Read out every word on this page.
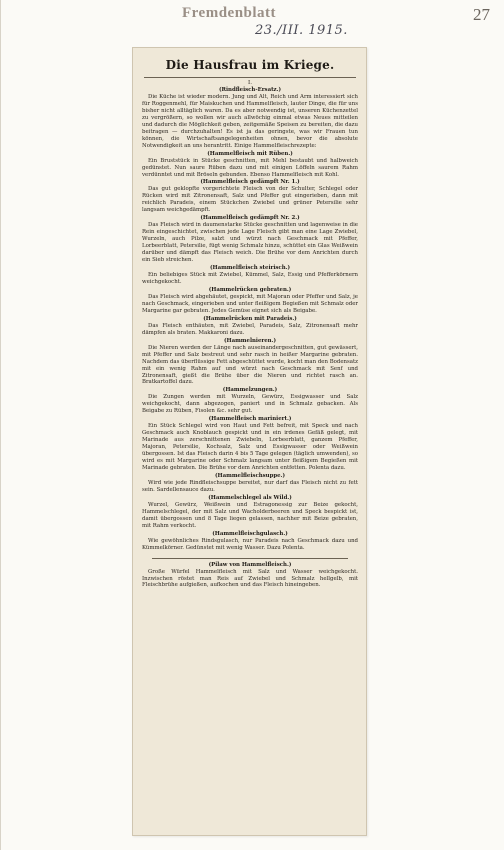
Fremdenblatt	27
23./III. 1915.
Die Hausfrau im Kriege.
I.
(Rindfleisch-Ersatz.)

Die Küche ist wieder modern. Jung und Alt, Reich und Arm interessiert sich für Roggenmehl, für Maiskuchen und Hammelfleisch, lauter Dinge, die für uns bisher nicht alltäglich waren. Da es aber notwendig ist, unseren Küchenzettel zu vergrößern, so wollen wir auch allwöchig einmal etwas Neues mitteilen und dadurch die Möglichkeit geben, zeitgemäße Speisen zu bereiten, die dazu beitragen — durchzuhalten! Es ist ja das geringste, was wir Frauen tun können, die Wirtschaftsangelegenheiten ohnen, bevor die absolute Notwendigkeit an uns herantritt. Einige Hammelfleischrezepte:

(Hammelfleisch mit Rüben.)

Ein Bruststück in Stücke geschnitten, mit Mehl bestaubt und halbweich gedünstet. Nun saure Rüben dazu und mit einigen Löffeln saurem Rahm verdünntet und mit Bröseln gebunden. Ebenso Hammelfleisch mit Kohl.

(Hammelfleisch gedämpft Nr. 1.)

Das gut geklopfte vorgerichtete Fleisch von der Schulter, Schlegel oder Rücken wird mit Zitronensaft, Salz und Pfeffer gut eingerieben, dann mit reichlich Paradeis, einem Stückchen Zwiebel und grüner Petersilie sehr langsam weichgedämpft.

(Hammelfleisch gedämpft Nr. 2.)

Das Fleisch wird in daumenstarke Stücke geschnitten und lagenweise in die Rein eingeschichtet, zwischen jede Lage Fleisch gibt man eine Lage Zwiebel, Wurzeln, auch Pilze, salzt und würzt nach Geschmack mit Pfeffer, Lorbeerblatt, Petersilie, fügt wenig Schmalz hinzu, schüttet ein Glas Weißwein darüber und dämpft das Fleisch weich. Die Brühe vor dem Anrichten durch ein Sieb streichen.

(Hammelfleisch steirisch.)

Ein beliebiges Stück mit Zwiebel, Kümmel, Salz, Essig und Pfefferkörnern weichgekocht.

(Hammelrücken gebraten.)

Das Fleisch wird abgehäutet, gespickt, mit Majoran oder Pfeffer und Salz, je nach Geschmack, eingerieben und unter fleißigem Begießen mit Schmalz oder Margarine gar gebraten. Jedes Gemüse eignet sich als Beigabe.

(Hammelrücken mit Paradeis.)

Das Fleisch enthäuten, mit Zwiebel, Paradeis, Salz, Zitronensaft mehr dämpfen als braten. Makkaroni dazu.

(Hammelnieren.)

Die Nieren werden der Länge nach auseinandergeschnitten, gut gewässert, mit Pfeffer und Salz bestreut und sehr rasch in heißer Margarine gebraten. Nachdem das überflüssige Fett abgeschüttet wurde, kocht man den Bodensatz mit ein wenig Rahm auf und würzt nach Geschmack mit Senf und Zitronensaft, gießt die Brühe über die Nieren und richtet rasch an. Bratkartoffel dazu.

(Hammelzungen.)

Die Zungen werden mit Wurzeln, Gewürz, Essigwasser und Salz weichgekocht, dann abgezogen, paniert und in Schmalz gebacken. Als Beigabe zu Rüben, Fisolen &c. sehr gut.

(Hammelfleisch mariniert.)

Ein Stück Schlegel wird von Haut und Fett befreit, mit Speck und nach Geschmack auch Knoblauch gespickt und in ein irdenes Gefäß gelegt, mit Marinade aus zerschnittenen Zwiebeln, Lorbeerblatt, ganzem Pfeffer, Majoran, Petersilie, Kochsalz, Salz und Essigwasser oder Weißwein übergossen. Ist das Fleisch darin 4 bis 5 Tage gelegen (täglich umwenden), so wird es mit Margarine oder Schmalz langsam unter fleißigem Begießen mit Marinade gebraten. Die Brühe vor dem Anrichten entfetten. Polenta dazu.

(Hammelfleischsuppe.)

Wird wie jede Rindfleischsuppe bereitet, nur darf das Fleisch nicht zu fett sein. Sardellensauce dazu.

(Hammelschlegel als Wild.)

Wurzel, Gewürz, Weißwein und Estragonessig zur Beize gekocht, Hammelschlegel, der mit Salz und Wacholderbeeren und Speck bespickt ist, damit übergossen und 8 Tage liegen gelassen, nachher mit Beize gebraten, mit Rahm verkocht.

(Hammelfleischgulasch.)

Wie gewöhnliches Rindsgulasch, nur Paradeis nach Geschmack dazu und Kümmelkörner. Gedünstet mit wenig Wasser. Dazu Polenta.

(Pilaw von Hammelfleisch.)

Große Würfel Hammelfleisch mit Salz und Wasser weichgekocht. Inzwischen röstet man Reis auf Zwiebel und Schmalz hellgelb, mit Fleischbrühe aufgießen, aufkochen und das Fleisch hineingeben.
